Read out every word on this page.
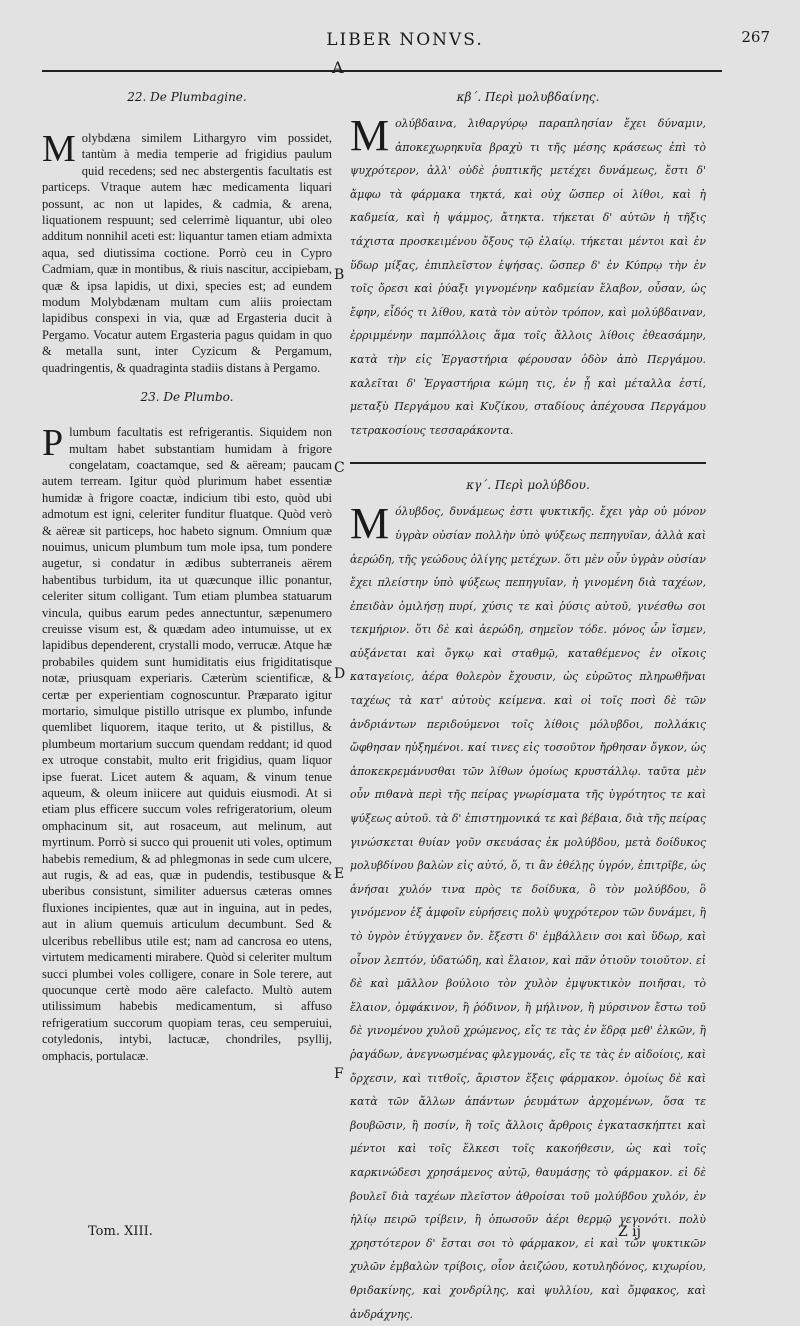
LIBER NONVS.	267
A
22. De Plumbagine.
Molybdæna similem Lithargyro vim possidet, tantùm à media temperie ad frigidius paulum quid recedens; sed nec abstergentis facultatis est particeps. Vtraque autem hæc medicamenta liquari possunt, ac non ut lapides, & cadmia, & arena, liquationem respuunt; sed celerrimè liquantur, ubi oleo additum nonnihil aceti est: liquantur tamen etiam admixta aqua, sed diutissima coctione. Porrò ceu in Cypro Cadmiam, quæ in montibus, & riuis nascitur, accipiebam, quæ & ipsa lapidis, ut dixi, species est; ad eundem modum Molybdænam multam cum aliis proiectam lapidibus conspexi in via, quæ ad Ergasteria ducit à Pergamo. Vocatur autem Ergasteria pagus quidam in quo & metalla sunt, inter Cyzicum & Pergamum, quadringentis, & quadraginta stadiis distans à Pergamo.
23. De Plumbo.
Plumbum facultatis est refrigerantis. Siquidem non multam habet substantiam humidam à frigore congelatam, coactamque, sed & aëream; paucam autem terream. Igitur quòd plurimum habet essentiæ humidæ à frigore coactæ, indicium tibi esto, quòd ubi admotum est igni, celeriter funditur fluatque. Quòd verò & aëreæ sit particeps, hoc habeto signum. Omnium quæ nouimus, unicum plumbum tum mole ipsa, tum pondere augetur, si condatur in ædibus subterraneis aërem habentibus turbidum, ita ut quæcunque illic ponantur, celeriter situm colligant. Tum etiam plumbea statuarum vincula, quibus earum pedes annectuntur, sæpenumero creuisse visum est, & quædam adeo intumuisse, ut ex lapidibus dependerent, crystalli modo, verrucæ. Atque hæ probabiles quidem sunt humiditatis eius frigiditatisque notæ, priusquam experiaris. Cæterùm scientificæ, & certæ per experientiam cognoscuntur. Præparato igitur mortario, simulque pistillo utrisque ex plumbo, infunde quemlibet liquorem, itaque terito, ut & pistillus, & plumbeum mortarium succum quendam reddant; id quod ex utroque constabit, multo erit frigidius, quam liquor ipse fuerat. Licet autem & aquam, & vinum tenue aqueum, & oleum iniicere aut quiduis eiusmodi. At si etiam plus efficere succum voles refrigeratorium, oleum omphacinum sit, aut rosaceum, aut melinum, aut myrtinum. Porrò si succo qui prouenit uti voles, optimum habebis remedium, & ad phlegmonas in sede cum ulcere, aut rugis, & ad eas, quæ in pudendis, testibusque & uberibus consistunt, similiter aduersus cæteras omnes fluxiones incipientes, quæ aut in inguina, aut in pedes, aut in alium quemuis articulum decumbunt. Sed & ulceribus rebellibus utile est; nam ad cancrosa eo utens, virtutem medicamenti mirabere. Quòd si celeriter multum succi plumbei voles colligere, conare in Sole terere, aut quocunque certè modo aëre calefacto. Multò autem utilissimum habebis medicamentum, si affuso refrigeratium succorum quopiam teras, ceu semperuiui, cotyledonis, intybi, lactucæ, chondriles, psyllij, omphacis, portulacæ.
κβ΄. Περὶ μολυβδαίνης.
Μολύβδαινα, λιθαργύρῳ παραπλησίαν ἔχει δύναμιν, ἀποκεχωρηκυῖα βραχὺ τι τῆς μέσης κράσεως ἐπὶ τὸ ψυχρότερον, ἀλλ' οὐδὲ ῥυπτικῆς μετέχει δυνάμεως, ἔστι δ' ἄμφω τὰ φάρμακα τηκτά, καὶ οὐχ ὥσπερ οἱ λίθοι, καὶ ἡ καδμεία, καὶ ἡ ψάμμος, ἄτηκτα. τήκεται δ' αὐτῶν ἡ τῆξις τάχιστα προσκειμένου ὄξους τῷ ἐλαίῳ. τήκεται μέντοι καὶ ἐν ὕδωρ μίξας, ἐπιπλεῖστον ἑψήσας. ὥσπερ δ' ἐν Κύπρῳ τὴν ἐν τοῖς ὄρεσι καὶ ῥύαξι γιγνομένην καδμείαν ἔλαβον, οὖσαν, ὡς ἔφην, εἶδός τι λίθου, κατὰ τὸν αὐτὸν τρόπον, καὶ μολύβδαιναν, ἐρριμμένην παμπόλλοις ἅμα τοῖς ἄλλοις λίθοις ἐθεασάμην, κατὰ τὴν εἰς Ἐργαστήρια φέρουσαν ὁδὸν ἀπὸ Περγάμου. καλεῖται δ' Ἐργαστήρια κώμη τις, ἐν ᾗ καὶ μέταλλα ἐστί, μεταξὺ Περγάμου καὶ Κυζίκου, σταδίους ἀπέχουσα Περγάμου τετρακοσίους τεσσαράκοντα.
κγ΄. Περὶ μολύβδου.
Μόλυβδος, δυνάμεως ἐστι ψυκτικῆς. ἔχει γὰρ οὐ μόνον ὑγρὰν οὐσίαν πολλὴν ὑπὸ ψύξεως πεπηγυῖαν, ἀλλὰ καὶ ἀερώδη, τῆς γεώδους ὀλίγης μετέχων. ὅτι μὲν οὖν ὑγρὰν οὐσίαν ἔχει πλείστην ὑπὸ ψύξεως πεπηγυῖαν, ἡ γινομένη διὰ ταχέων, ἐπειδὰν ὁμιλήσῃ πυρί, χύσις τε καὶ ῥύσις αὐτοῦ, γινέσθω σοι τεκμήριον. ὅτι δὲ καὶ ἀερώδη, σημεῖον τόδε. μόνος ὧν ἴσμεν, αὐξάνεται καὶ ὄγκῳ καὶ σταθμῷ, καταθέμενος ἐν οἴκοις καταγείοις, ἀέρα θολερὸν ἔχουσιν, ὡς εὐρῶτος πληρωθῆναι ταχέως τὰ κατ' αὐτοὺς κείμενα. καὶ οἱ τοῖς ποσὶ δὲ τῶν ἀνδριάντων περιδούμενοι τοῖς λίθοις μόλυβδοι, πολλάκις ὤφθησαν ηὐξημένοι. καί τινες εἰς τοσοῦτον ἤρθησαν ὄγκον, ὡς ἀποκεκρεμάνυσθαι τῶν λίθων ὁμοίως κρυστάλλῳ. ταῦτα μὲν οὖν πιθανὰ περὶ τῆς πείρας γνωρίσματα τῆς ὑγρότητος τε καὶ ψύξεως αὐτοῦ. τὰ δ' ἐπιστημονικά τε καὶ βέβαια, διὰ τῆς πείρας γινώσκεται θυίαν γοῦν σκευάσας ἐκ μολύβδου, μετὰ δοίδυκος μολυβδίνου βαλὼν εἰς αὐτό, ὅ, τι ἂν ἐθέλῃς ὑγρόν, ἐπιτρῖβε, ὡς ἀνήσαι χυλόν τινα πρὸς τε δοίδυκα, ὃ τὸν μολύβδου, ὃ γινόμενον ἐξ ἀμφοῖν εὑρήσεις πολὺ ψυχρότερον τῶν δυνάμει, ἢ τὸ ὑγρὸν ἐτύγχανεν ὄν. ἔξεστι δ' ἐμβάλλειν σοι καὶ ὕδωρ, καὶ οἶνον λεπτόν, ὑδατώδη, καὶ ἔλαιον, καὶ πᾶν ὁτιοῦν τοιοῦτον. εἰ δὲ καὶ μᾶλλον βούλοιο τὸν χυλὸν ἐμψυκτικὸν ποιῆσαι, τὸ ἔλαιον, ὀμφάκινον, ἢ ῥόδινον, ἢ μήλινον, ἢ μύρσινον ἔστω τοῦ δὲ γινομένου χυλοῦ χρώμενος, εἴς τε τὰς ἐν ἕδρᾳ μεθ' ἑλκῶν, ἢ ῥαγάδων, ἀνεγνωσμένας φλεγμονάς, εἴς τε τὰς ἐν αἰδοίοις, καὶ ὄρχεσιν, καὶ τιτθοῖς, ἄριστον ἕξεις φάρμακον. ὁμοίως δὲ καὶ κατὰ τῶν ἄλλων ἁπάντων ῥευμάτων ἀρχομένων, ὅσα τε βουβῶσιν, ἢ ποσίν, ἢ τοῖς ἄλλοις ἄρθροις ἐγκατασκήπτει καὶ μέντοι καὶ τοῖς ἕλκεσι τοῖς κακοήθεσιν, ὡς καὶ τοῖς καρκινώδεσι χρησάμενος αὐτῷ, θαυμάσῃς τὸ φάρμακον. εἰ δὲ βουλεῖ διὰ ταχέων πλεῖστον ἀθροίσαι τοῦ μολύβδου χυλόν, ἐν ἡλίῳ πειρῶ τρίβειν, ἢ ὁπωσοῦν ἀέρι θερμῷ γεγονότι. πολὺ χρηστότερον δ' ἔσται σοι τὸ φάρμακον, εἰ καὶ τῶν ψυκτικῶν χυλῶν ἐμβαλὼν τρίβοις, οἷον ἀειζώου, κοτυληδόνος, κιχωρίου, θριδακίνης, καὶ χονδρίλης, καὶ ψυλλίου, καὶ ὄμφακος, καὶ ἀνδράχνης.
B
C
D
E
F
Tom. XIII.	Z ij
